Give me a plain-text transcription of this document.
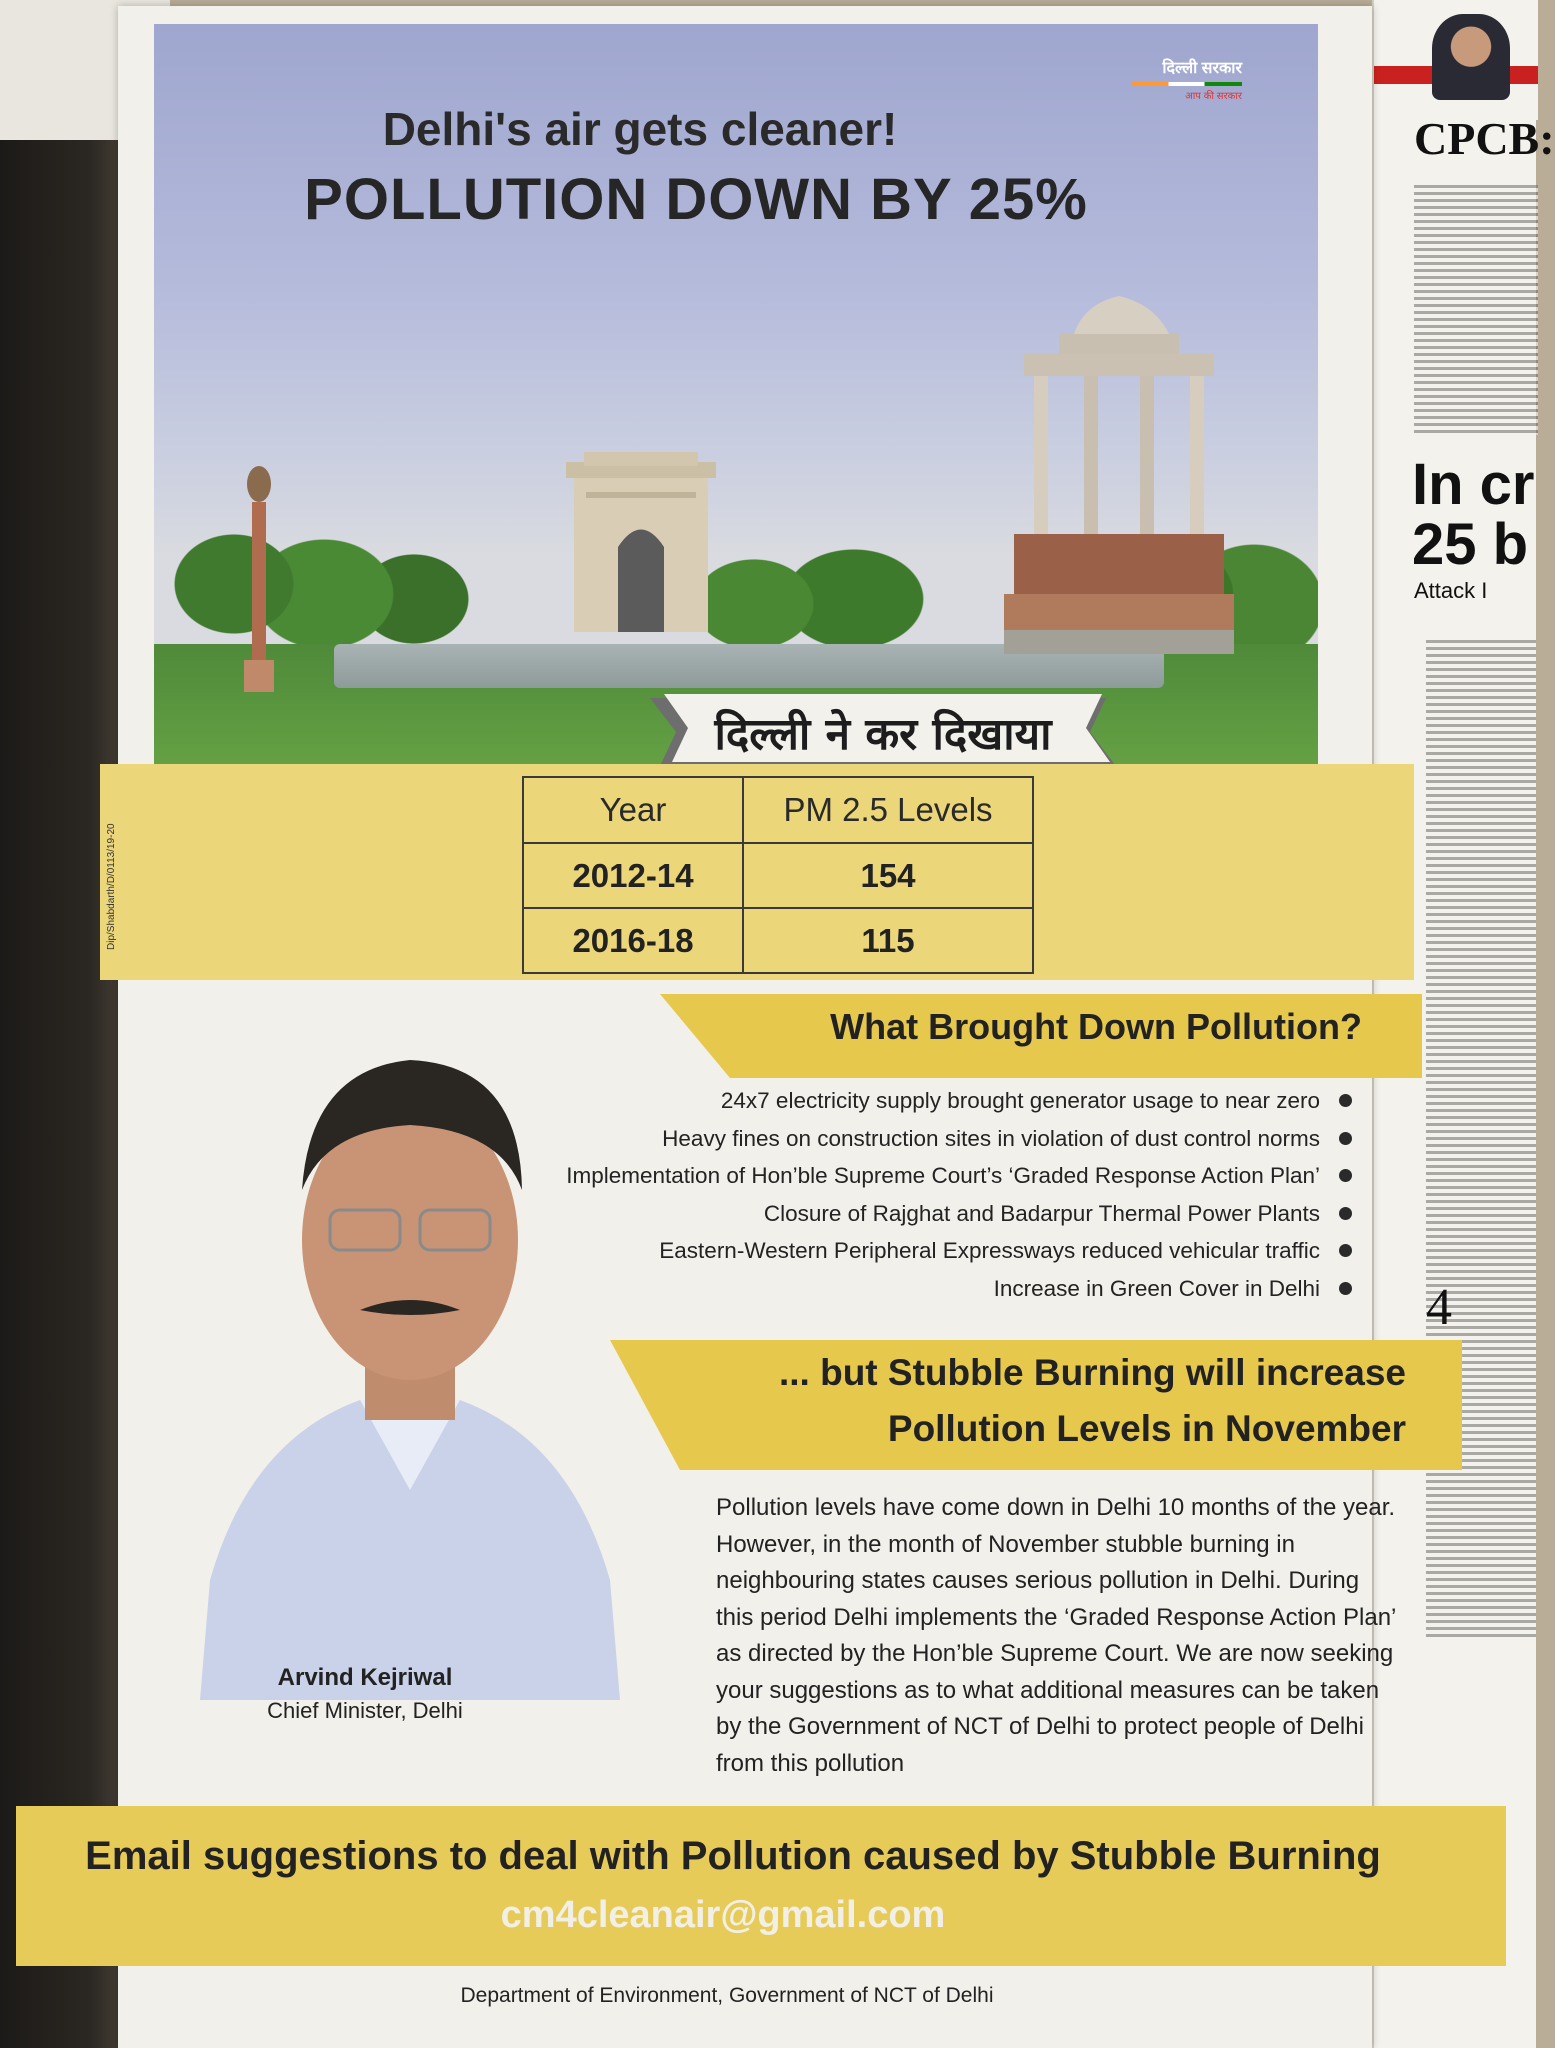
CPCB:
In cr
25 b
Attack I
4

दिल्ली सरकार
आप की सरकार
Delhi's air gets cleaner!
POLLUTION DOWN BY 25%
दिल्ली ने कर दिखाया
Dip/Shabdarth/D/0113/19-20
Year	PM 2.5 Levels
2012-14	154
2016-18	115
Arvind Kejriwal
Chief Minister, Delhi
What Brought Down Pollution?
24x7 electricity supply brought generator usage to near zero
Heavy fines on construction sites in violation of dust control norms
Implementation of Hon’ble Supreme Court’s ‘Graded Response Action Plan’
Closure of Rajghat and Badarpur Thermal Power Plants
Eastern-Western Peripheral Expressways reduced vehicular traffic
Increase in Green Cover in Delhi
... but Stubble Burning will increase
Pollution Levels in November
Pollution levels have come down in Delhi 10 months of the year. However, in the month of November stubble burning in neighbouring states causes serious pollution in Delhi. During this period Delhi implements the ‘Graded Response Action Plan’ as directed by the Hon’ble Supreme Court. We are now seeking your suggestions as to what additional measures can be taken by the Government of NCT of Delhi to protect people of Delhi from this pollution
Email suggestions to deal with Pollution caused by Stubble Burning
cm4cleanair@gmail.com
Department of Environment, Government of NCT of Delhi
